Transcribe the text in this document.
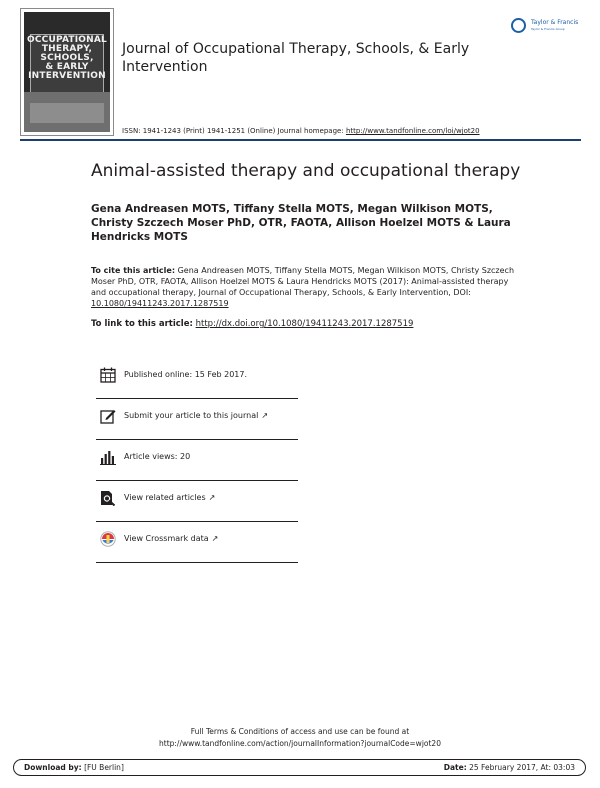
OCCUPATIONAL
THERAPY,
SCHOOLS,
& EARLY
INTERVENTION
Journal of Occupational Therapy, Schools, & Early Intervention
Taylor & Francis
Taylor & Francis Group
ISSN: 1941-1243 (Print) 1941-1251 (Online) Journal homepage: http://www.tandfonline.com/loi/wjot20
Animal-assisted therapy and occupational therapy
Gena Andreasen MOTS, Tiffany Stella MOTS, Megan Wilkison MOTS, Christy Szczech Moser PhD, OTR, FAOTA, Allison Hoelzel MOTS & Laura Hendricks MOTS
To cite this article: Gena Andreasen MOTS, Tiffany Stella MOTS, Megan Wilkison MOTS, Christy Szczech Moser PhD, OTR, FAOTA, Allison Hoelzel MOTS & Laura Hendricks MOTS (2017): Animal-assisted therapy and occupational therapy, Journal of Occupational Therapy, Schools, & Early Intervention, DOI: 10.1080/19411243.2017.1287519
To link to this article: http://dx.doi.org/10.1080/19411243.2017.1287519
Published online: 15 Feb 2017.
Submit your article to this journal ↗
Article views: 20
View related articles ↗
View Crossmark data ↗
Full Terms & Conditions of access and use can be found at
http://www.tandfonline.com/action/journalInformation?journalCode=wjot20
Download by: [FU Berlin]	Date: 25 February 2017, At: 03:03
